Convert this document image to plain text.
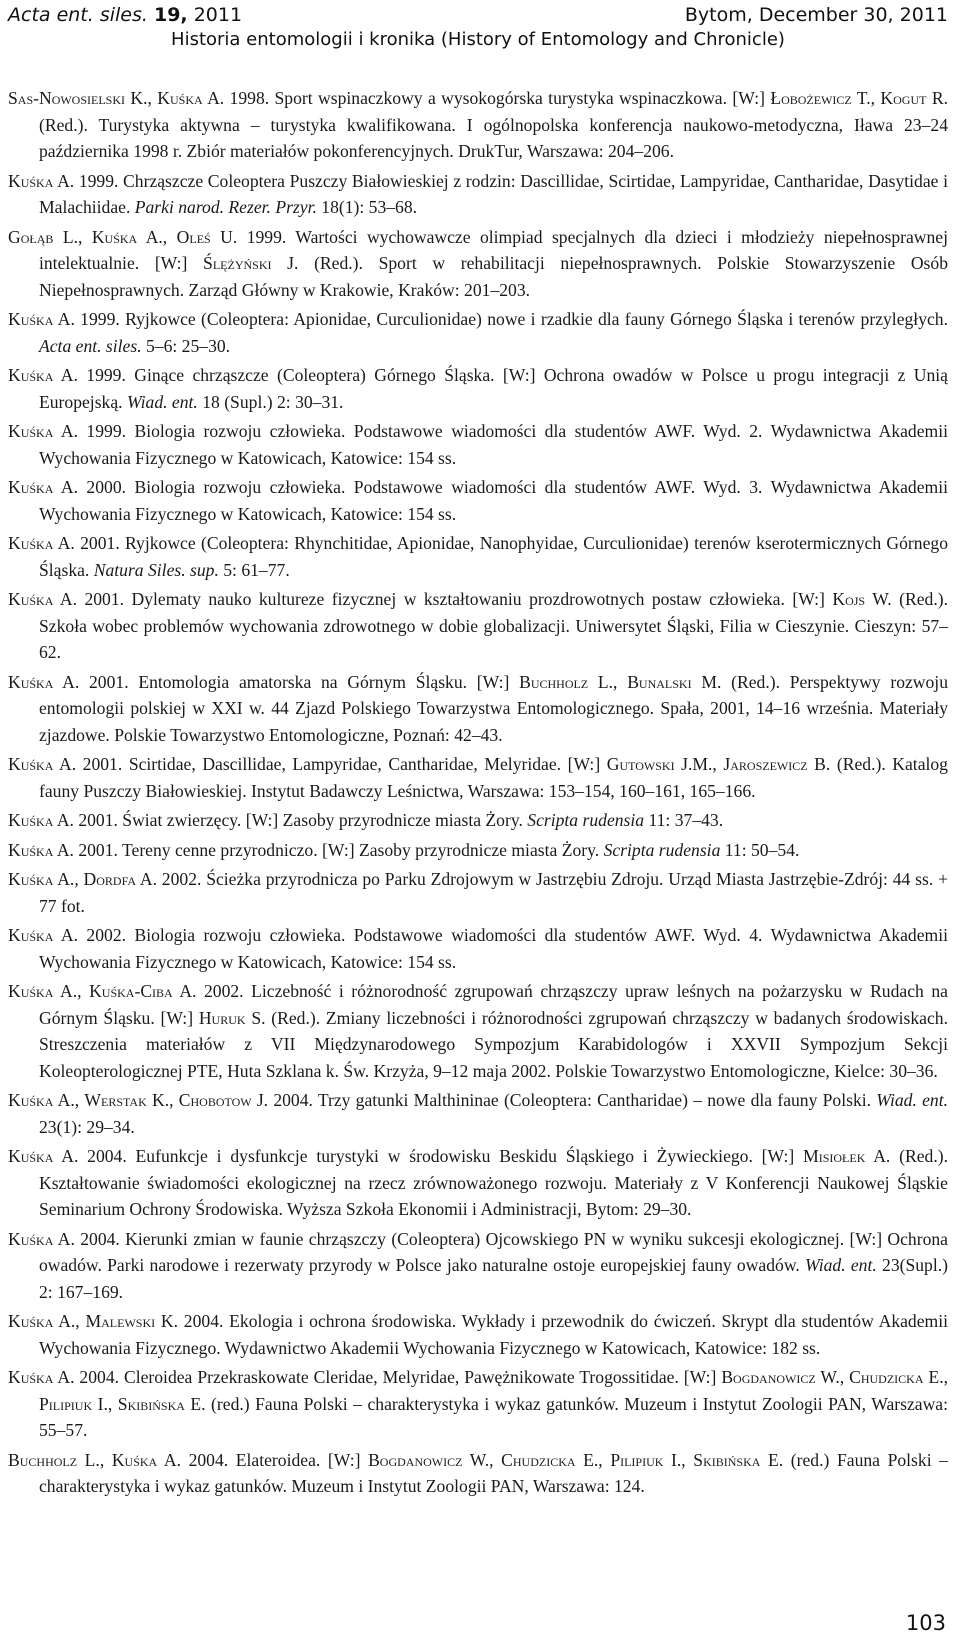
Acta ent. siles. 19, 2011	Bytom, December 30, 2011
Historia entomologii i kronika (History of Entomology and Chronicle)
Sas-Nowosielski K., Kuśka A. 1998. Sport wspinaczkowy a wysokogórska turystyka wspinaczkowa. [W:] Łobożewicz T., Kogut R. (Red.). Turystyka aktywna – turystyka kwalifikowana. I ogólnopolska konferencja naukowo-metodyczna, Iława 23–24 października 1998 r. Zbiór materiałów pokonferencyjnych. DrukTur, Warszawa: 204–206.
Kuśka A. 1999. Chrząszcze Coleoptera Puszczy Białowieskiej z rodzin: Dascillidae, Scirtidae, Lampyridae, Cantharidae, Dasytidae i Malachiidae. Parki narod. Rezer. Przyr. 18(1): 53–68.
Gołąb L., Kuśka A., Oleś U. 1999. Wartości wychowawcze olimpiad specjalnych dla dzieci i młodzieży niepełnosprawnej intelektualnie. [W:] Ślężyński J. (Red.). Sport w rehabilitacji niepełnosprawnych. Polskie Stowarzyszenie Osób Niepełnosprawnych. Zarząd Główny w Krakowie, Kraków: 201–203.
Kuśka A. 1999. Ryjkowce (Coleoptera: Apionidae, Curculionidae) nowe i rzadkie dla fauny Górnego Śląska i terenów przyległych. Acta ent. siles. 5–6: 25–30.
Kuśka A. 1999. Ginące chrząszcze (Coleoptera) Górnego Śląska. [W:] Ochrona owadów w Polsce u progu integracji z Unią Europejską. Wiad. ent. 18 (Supl.) 2: 30–31.
Kuśka A. 1999. Biologia rozwoju człowieka. Podstawowe wiadomości dla studentów AWF. Wyd. 2. Wydawnictwa Akademii Wychowania Fizycznego w Katowicach, Katowice: 154 ss.
Kuśka A. 2000. Biologia rozwoju człowieka. Podstawowe wiadomości dla studentów AWF. Wyd. 3. Wydawnictwa Akademii Wychowania Fizycznego w Katowicach, Katowice: 154 ss.
Kuśka A. 2001. Ryjkowce (Coleoptera: Rhynchitidae, Apionidae, Nanophyidae, Curculionidae) terenów kserotermicznych Górnego Śląska. Natura Siles. sup. 5: 61–77.
Kuśka A. 2001. Dylematy nauko kultureze fizycznej w kształtowaniu prozdrowotnych postaw człowieka. [W:] Kojs W. (Red.). Szkoła wobec problemów wychowania zdrowotnego w dobie globalizacji. Uniwersytet Śląski, Filia w Cieszynie. Cieszyn: 57–62.
Kuśka A. 2001. Entomologia amatorska na Górnym Śląsku. [W:] Buchholz L., Bunalski M. (Red.). Perspektywy rozwoju entomologii polskiej w XXI w. 44 Zjazd Polskiego Towarzystwa Entomologicznego. Spała, 2001, 14–16 września. Materiały zjazdowe. Polskie Towarzystwo Entomologiczne, Poznań: 42–43.
Kuśka A. 2001. Scirtidae, Dascillidae, Lampyridae, Cantharidae, Melyridae. [W:] Gutowski J.M., Jaroszewicz B. (Red.). Katalog fauny Puszczy Białowieskiej. Instytut Badawczy Leśnictwa, Warszawa: 153–154, 160–161, 165–166.
Kuśka A. 2001. Świat zwierzęcy. [W:] Zasoby przyrodnicze miasta Żory. Scripta rudensia 11: 37–43.
Kuśka A. 2001. Tereny cenne przyrodniczo. [W:] Zasoby przyrodnicze miasta Żory. Scripta rudensia 11: 50–54.
Kuśka A., Dordfa A. 2002. Ścieżka przyrodnicza po Parku Zdrojowym w Jastrzębiu Zdroju. Urząd Miasta Jastrzębie-Zdrój: 44 ss. + 77 fot.
Kuśka A. 2002. Biologia rozwoju człowieka. Podstawowe wiadomości dla studentów AWF. Wyd. 4. Wydawnictwa Akademii Wychowania Fizycznego w Katowicach, Katowice: 154 ss.
Kuśka A., Kuśka-Ciba A. 2002. Liczebność i różnorodność zgrupowań chrząszczy upraw leśnych na pożarzysku w Rudach na Górnym Śląsku. [W:] Huruk S. (Red.). Zmiany liczebności i różnorodności zgrupowań chrząszczy w badanych środowiskach. Streszczenia materiałów z VII Międzynarodowego Sympozjum Karabidologów i XXVII Sympozjum Sekcji Koleopterologicznej PTE, Huta Szklana k. Św. Krzyża, 9–12 maja 2002. Polskie Towarzystwo Entomologiczne, Kielce: 30–36.
Kuśka A., Werstak K., Chobotow J. 2004. Trzy gatunki Malthininae (Coleoptera: Cantharidae) – nowe dla fauny Polski. Wiad. ent. 23(1): 29–34.
Kuśka A. 2004. Eufunkcje i dysfunkcje turystyki w środowisku Beskidu Śląskiego i Żywieckiego. [W:] Misiołek A. (Red.). Kształtowanie świadomości ekologicznej na rzecz zrównoważonego rozwoju. Materiały z V Konferencji Naukowej Śląskie Seminarium Ochrony Środowiska. Wyższa Szkoła Ekonomii i Administracji, Bytom: 29–30.
Kuśka A. 2004. Kierunki zmian w faunie chrząszczy (Coleoptera) Ojcowskiego PN w wyniku sukcesji ekologicznej. [W:] Ochrona owadów. Parki narodowe i rezerwaty przyrody w Polsce jako naturalne ostoje europejskiej fauny owadów. Wiad. ent. 23(Supl.) 2: 167–169.
Kuśka A., Malewski K. 2004. Ekologia i ochrona środowiska. Wykłady i przewodnik do ćwiczeń. Skrypt dla studentów Akademii Wychowania Fizycznego. Wydawnictwo Akademii Wychowania Fizycznego w Katowicach, Katowice: 182 ss.
Kuśka A. 2004. Cleroidea Przekraskowate Cleridae, Melyridae, Pawężnikowate Trogossitidae. [W:] Bogdanowicz W., Chudzicka E., Pilipiuk I., Skibińska E. (red.) Fauna Polski – charakterystyka i wykaz gatunków. Muzeum i Instytut Zoologii PAN, Warszawa: 55–57.
Buchholz L., Kuśka A. 2004. Elateroidea. [W:] Bogdanowicz W., Chudzicka E., Pilipiuk I., Skibińska E. (red.) Fauna Polski – charakterystyka i wykaz gatunków. Muzeum i Instytut Zoologii PAN, Warszawa: 124.
103
